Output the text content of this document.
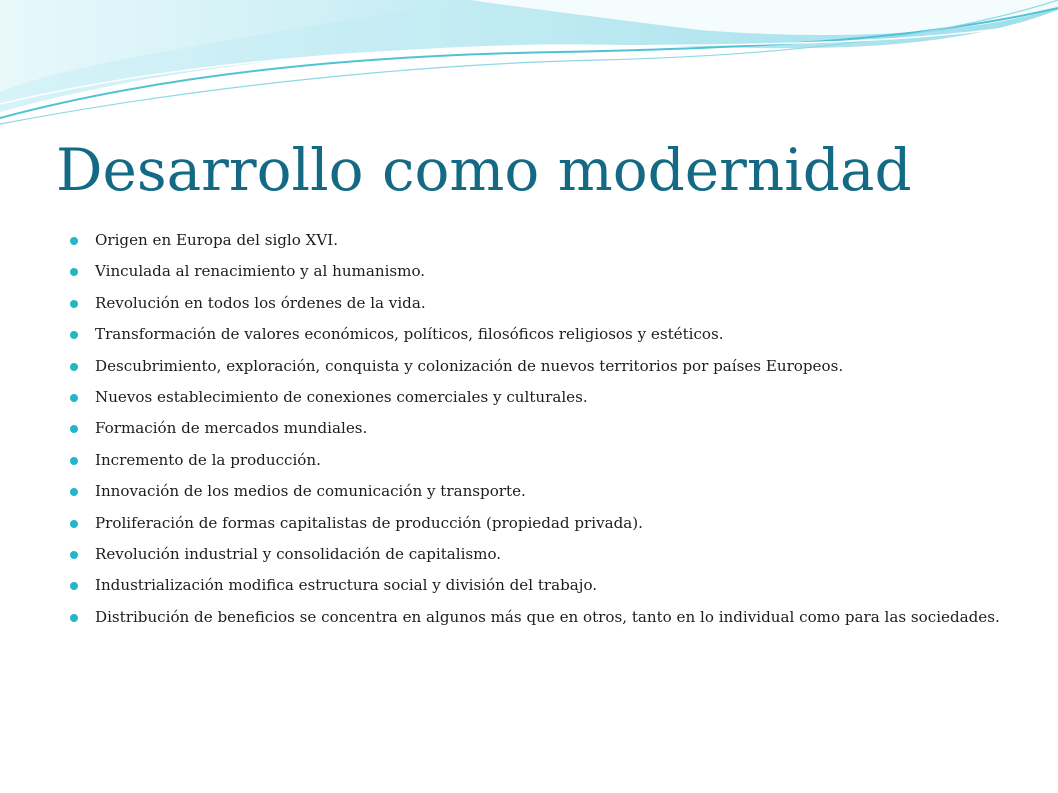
Desarrollo como modernidad
Origen en Europa del siglo XVI.
Vinculada al renacimiento y al humanismo.
Revolución en todos los órdenes de la vida.
Transformación de valores económicos, políticos, filosóficos religiosos y estéticos.
Descubrimiento, exploración, conquista y colonización de nuevos territorios por países Europeos.
Nuevos establecimiento de conexiones comerciales y culturales.
Formación de mercados mundiales.
Incremento de la producción.
Innovación de los medios de comunicación y transporte.
Proliferación de formas capitalistas de producción (propiedad privada).
Revolución industrial y consolidación de capitalismo.
Industrialización modifica estructura social y división del trabajo.
Distribución de beneficios se concentra en algunos más que en otros, tanto en lo individual como para las sociedades.
